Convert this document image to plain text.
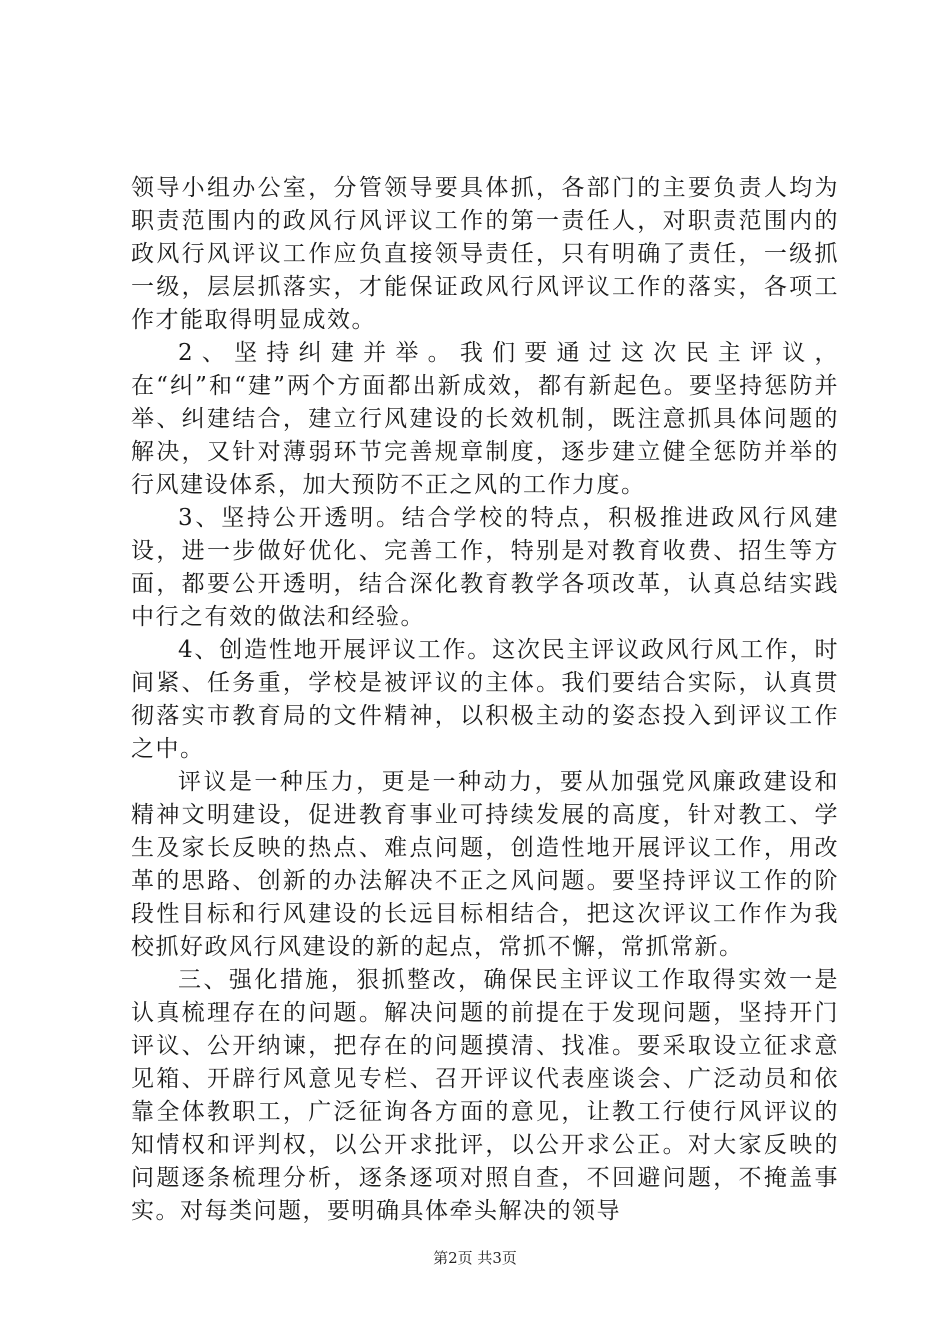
领导小组办公室，分管领导要具体抓，各部门的主要负责人均为职责范围内的政风行风评议工作的第一责任人，对职责范围内的政风行风评议工作应负直接领导责任，只有明确了责任，一级抓一级，层层抓落实，才能保证政风行风评议工作的落实，各项工作才能取得明显成效。

2、坚持纠建并举。我们要通过这次民主评议，在“纠”和“建”两个方面都出新成效，都有新起色。要坚持惩防并举、纠建结合，建立行风建设的长效机制，既注意抓具体问题的解决，又针对薄弱环节完善规章制度，逐步建立健全惩防并举的行风建设体系，加大预防不正之风的工作力度。

3、坚持公开透明。结合学校的特点，积极推进政风行风建设，进一步做好优化、完善工作，特别是对教育收费、招生等方面，都要公开透明，结合深化教育教学各项改革，认真总结实践中行之有效的做法和经验。

4、创造性地开展评议工作。这次民主评议政风行风工作，时间紧、任务重，学校是被评议的主体。我们要结合实际，认真贯彻落实市教育局的文件精神，以积极主动的姿态投入到评议工作之中。

评议是一种压力，更是一种动力，要从加强党风廉政建设和精神文明建设，促进教育事业可持续发展的高度，针对教工、学生及家长反映的热点、难点问题，创造性地开展评议工作，用改革的思路、创新的办法解决不正之风问题。要坚持评议工作的阶段性目标和行风建设的长远目标相结合，把这次评议工作作为我校抓好政风行风建设的新的起点，常抓不懈，常抓常新。

三、强化措施，狠抓整改，确保民主评议工作取得实效一是认真梳理存在的问题。解决问题的前提在于发现问题，坚持开门评议、公开纳谏，把存在的问题摸清、找准。要采取设立征求意见箱、开辟行风意见专栏、召开评议代表座谈会、广泛动员和依靠全体教职工，广泛征询各方面的意见，让教工行使行风评议的知情权和评判权，以公开求批评，以公开求公正。对大家反映的问题逐条梳理分析，逐条逐项对照自查，不回避问题，不掩盖事实。对每类问题，要明确具体牵头解决的领导

第2页 共3页
